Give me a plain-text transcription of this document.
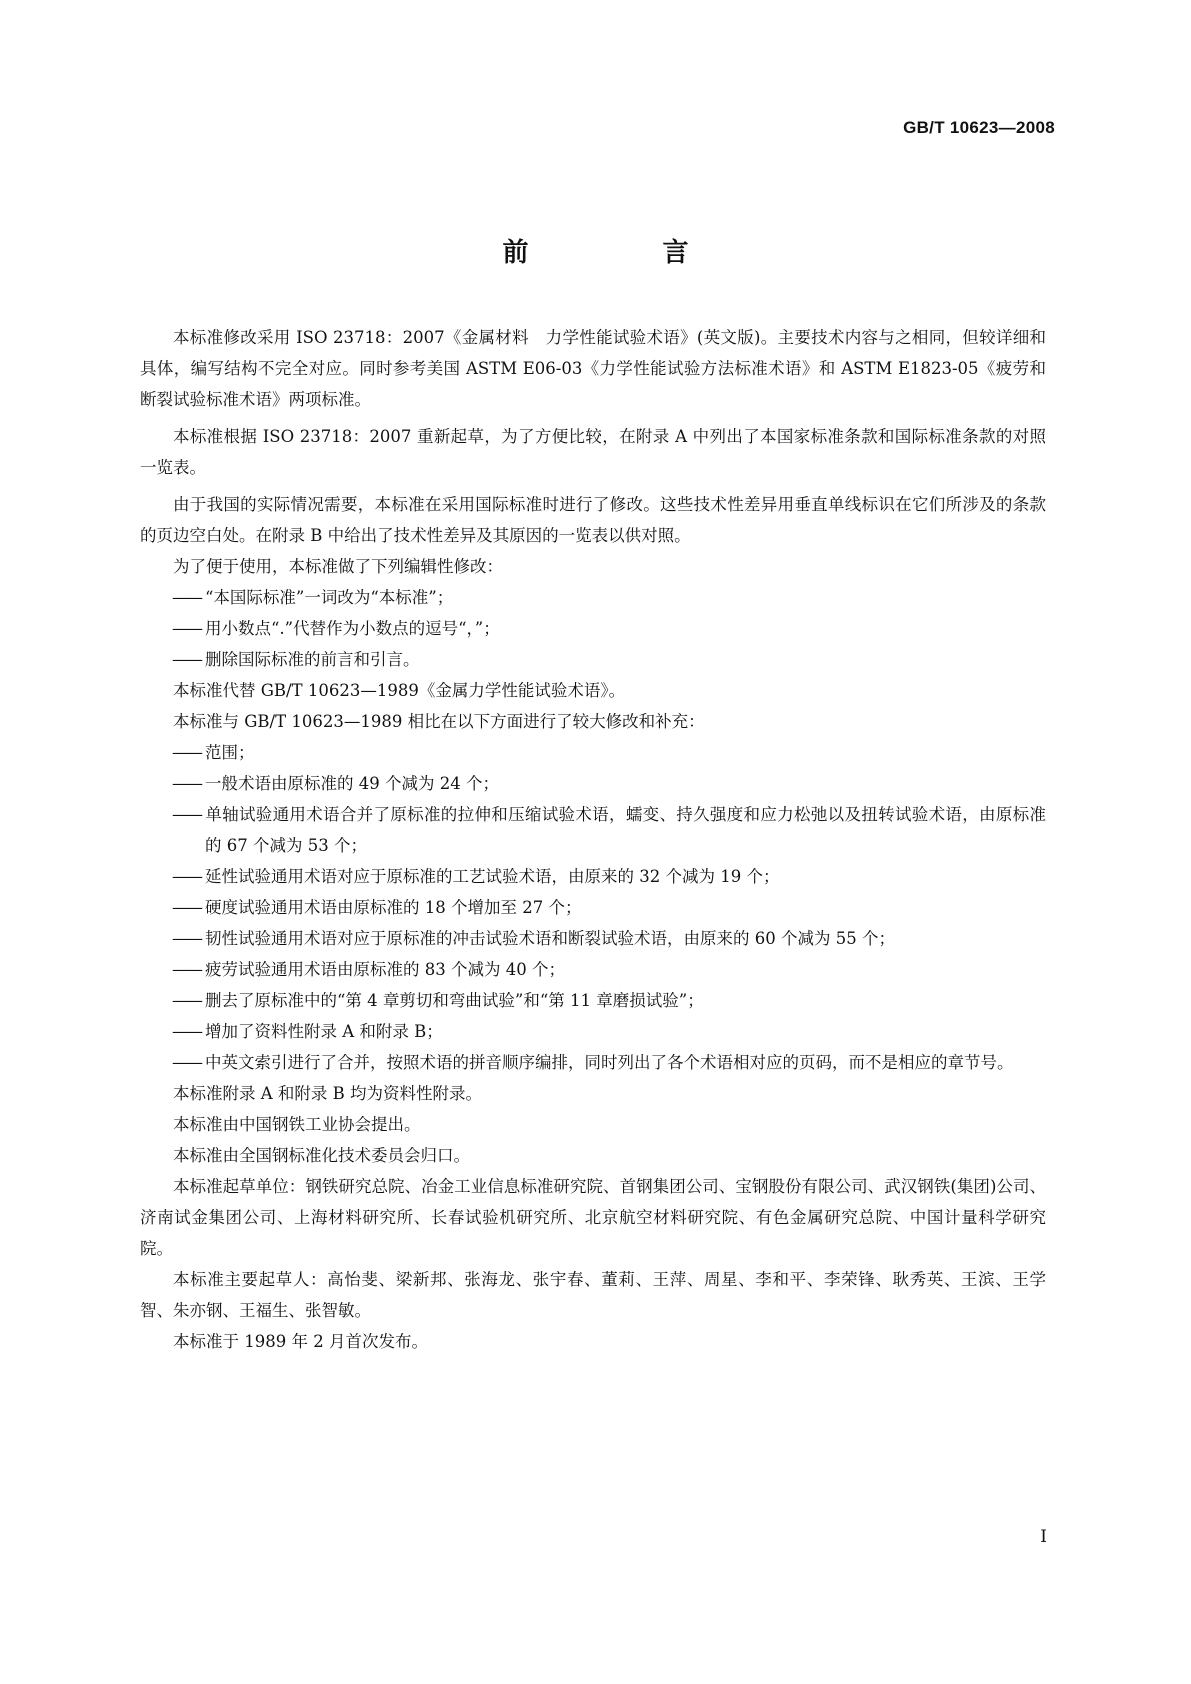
GB/T 10623—2008
前　言

本标准修改采用 ISO 23718：2007《金属材料　力学性能试验术语》(英文版)。主要技术内容与之相同，但较详细和具体，编写结构不完全对应。同时参考美国 ASTM E06-03《力学性能试验方法标准术语》和 ASTM E1823-05《疲劳和断裂试验标准术语》两项标准。

本标准根据 ISO 23718：2007 重新起草，为了方便比较，在附录 A 中列出了本国家标准条款和国际标准条款的对照一览表。

由于我国的实际情况需要，本标准在采用国际标准时进行了修改。这些技术性差异用垂直单线标识在它们所涉及的条款的页边空白处。在附录 B 中给出了技术性差异及其原因的一览表以供对照。

为了便于使用，本标准做了下列编辑性修改：

—— “本国际标准”一词改为“本标准”；

—— 用小数点“.”代替作为小数点的逗号“，”；

—— 删除国际标准的前言和引言。

本标准代替 GB/T 10623—1989《金属力学性能试验术语》。

本标准与 GB/T 10623—1989 相比在以下方面进行了较大修改和补充：

—— 范围；

—— 一般术语由原标准的 49 个减为 24 个；

—— 单轴试验通用术语合并了原标准的拉伸和压缩试验术语，蠕变、持久强度和应力松弛以及扭转试验术语，由原标准的 67 个减为 53 个；

—— 延性试验通用术语对应于原标准的工艺试验术语，由原来的 32 个减为 19 个；

—— 硬度试验通用术语由原标准的 18 个增加至 27 个；

—— 韧性试验通用术语对应于原标准的冲击试验术语和断裂试验术语，由原来的 60 个减为 55 个；

—— 疲劳试验通用术语由原标准的 83 个减为 40 个；

—— 删去了原标准中的“第 4 章剪切和弯曲试验”和“第 11 章磨损试验”；

—— 增加了资料性附录 A 和附录 B；

—— 中英文索引进行了合并，按照术语的拼音顺序编排，同时列出了各个术语相对应的页码，而不是相应的章节号。

本标准附录 A 和附录 B 均为资料性附录。

本标准由中国钢铁工业协会提出。

本标准由全国钢标准化技术委员会归口。

本标准起草单位：钢铁研究总院、冶金工业信息标准研究院、首钢集团公司、宝钢股份有限公司、武汉钢铁(集团)公司、济南试金集团公司、上海材料研究所、长春试验机研究所、北京航空材料研究院、有色金属研究总院、中国计量科学研究院。

本标准主要起草人：高怡斐、梁新邦、张海龙、张宇春、董莉、王萍、周星、李和平、李荣锋、耿秀英、王滨、王学智、朱亦钢、王福生、张智敏。

本标准于 1989 年 2 月首次发布。

I
